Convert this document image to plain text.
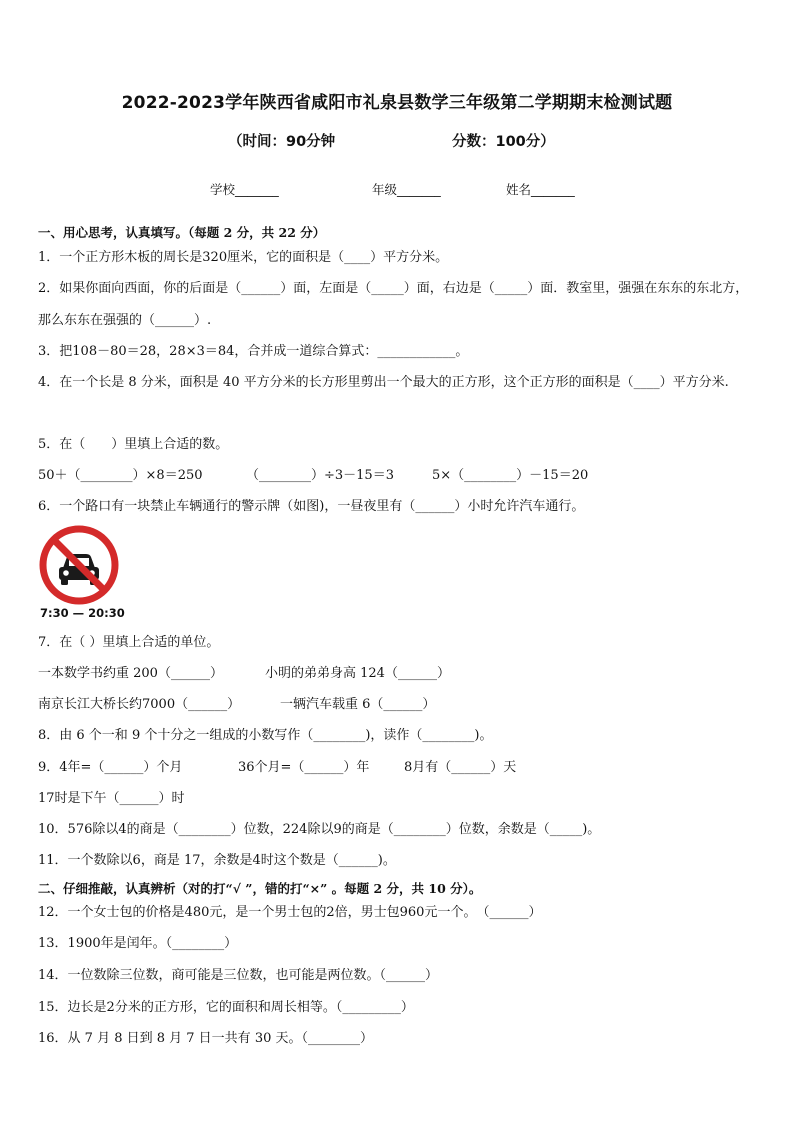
2022-2023学年陕西省咸阳市礼泉县数学三年级第二学期期末检测试题
（时间：90分钟	分数：100分）
学校_______	年级_______	姓名_______
一、用心思考，认真填写。（每题 2 分，共 22 分）
1．一个正方形木板的周长是320厘米，它的面积是（____）平方分米。
2．如果你面向西面，你的后面是（______）面，左面是（_____）面，右边是（_____）面．教室里，强强在东东的东北方，那么东东在强强的（______）.
3．把108－80＝28，28×3＝84，合并成一道综合算式：____________。
4．在一个长是 8 分米，面积是 40 平方分米的长方形里剪出一个最大的正方形，这个正方形的面积是（____）平方分米.
5．在（　　）里填上合适的数。
50＋（________）×8＝250	（________）÷3－15＝3	5×（________）－15＝20
6．一个路口有一块禁止车辆通行的警示牌（如图)，一昼夜里有（______）小时允许汽车通行。
7:30 — 20:30
7．在（ ）里填上合适的单位。
一本数学书约重 200（______）	小明的弟弟身高 124（______）
南京长江大桥长约7000（______）	一辆汽车载重 6（______）
8．由 6 个一和 9 个十分之一组成的小数写作（________)，读作（________)。
9．4年=（______）个月	36个月=（______）年	8月有（______）天
17时是下午（______）时
10．576除以4的商是（________）位数，224除以9的商是（________）位数，余数是（_____)。
11．一个数除以6，商是 17，余数是4时这个数是（______)。
二、仔细推敲，认真辨析（对的打“√ ”，错的打“×” 。每题 2 分，共 10 分）。
12．一个女士包的价格是480元，是一个男士包的2倍，男士包960元一个。　（______）
13．1900年是闰年。（________）
14．一位数除三位数，商可能是三位数，也可能是两位数。（______）
15．边长是2分米的正方形，它的面积和周长相等。（_________）
16．从 7 月 8 日到 8 月 7 日一共有 30 天。（________）
